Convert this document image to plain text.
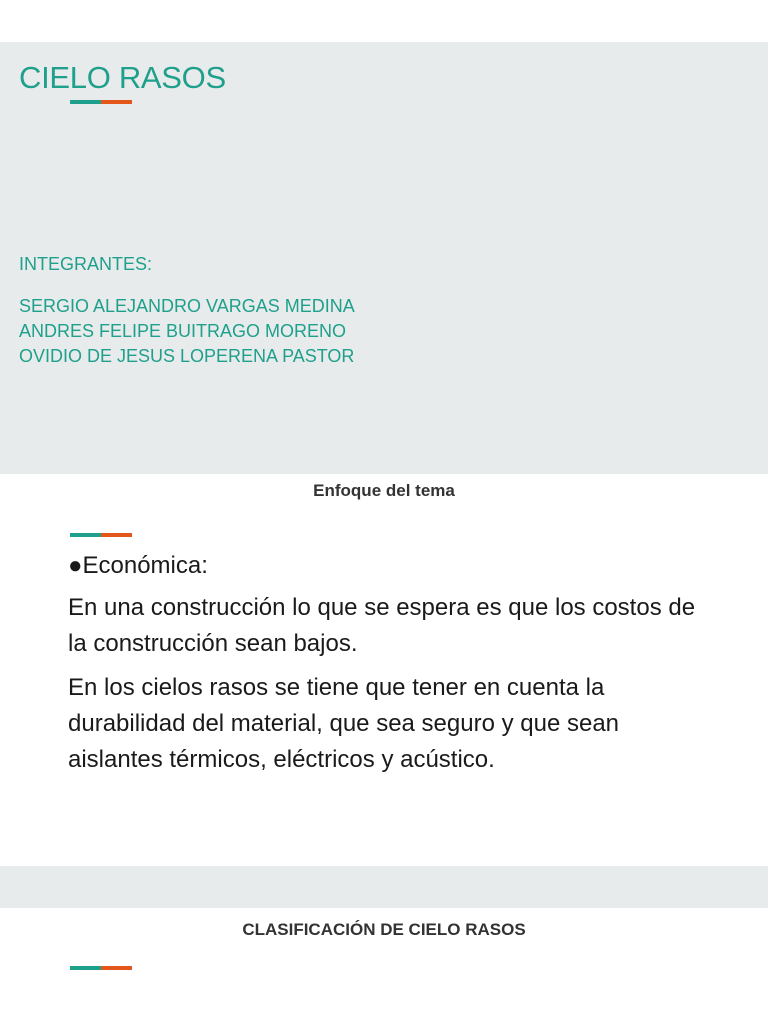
CIELO RASOS
INTEGRANTES:
SERGIO ALEJANDRO VARGAS MEDINA
ANDRES FELIPE BUITRAGO MORENO
OVIDIO DE JESUS LOPERENA PASTOR
Enfoque del tema

●Económica:

En una construcción lo que se espera es que los costos de la construcción sean bajos.

En los cielos rasos se tiene que tener en cuenta la durabilidad del material, que sea seguro y que sean aislantes térmicos, eléctricos y acústico.

CLASIFICACIÓN DE CIELO RASOS
